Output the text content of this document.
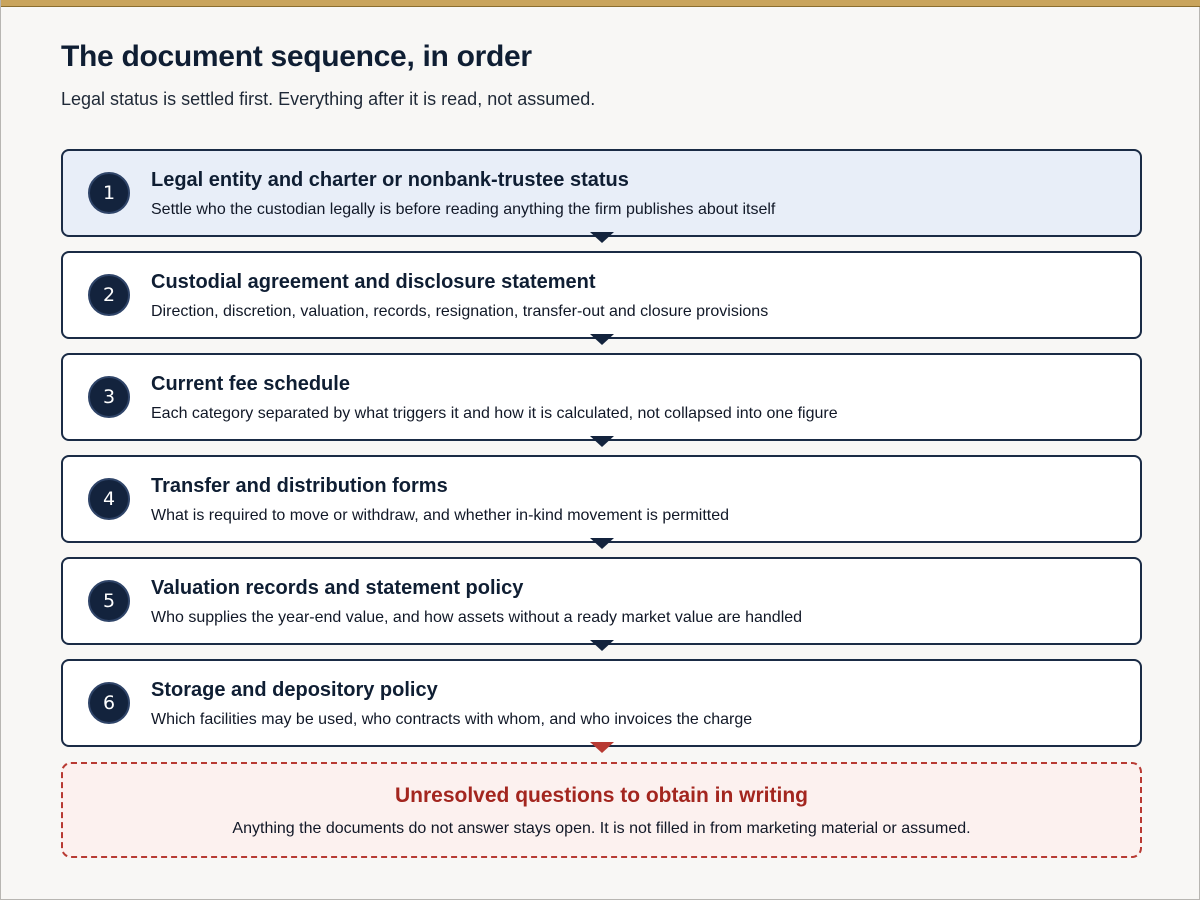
The document sequence, in order

Legal status is settled first. Everything after it is read, not assumed.

1

Legal entity and charter or nonbank-trustee status

Settle who the custodian legally is before reading anything the firm publishes about itself

2

Custodial agreement and disclosure statement

Direction, discretion, valuation, records, resignation, transfer-out and closure provisions

3

Current fee schedule

Each category separated by what triggers it and how it is calculated, not collapsed into one figure

4

Transfer and distribution forms

What is required to move or withdraw, and whether in-kind movement is permitted

5

Valuation records and statement policy

Who supplies the year-end value, and how assets without a ready market value are handled

6

Storage and depository policy

Which facilities may be used, who contracts with whom, and who invoices the charge

Unresolved questions to obtain in writing

Anything the documents do not answer stays open. It is not filled in from marketing material or assumed.
